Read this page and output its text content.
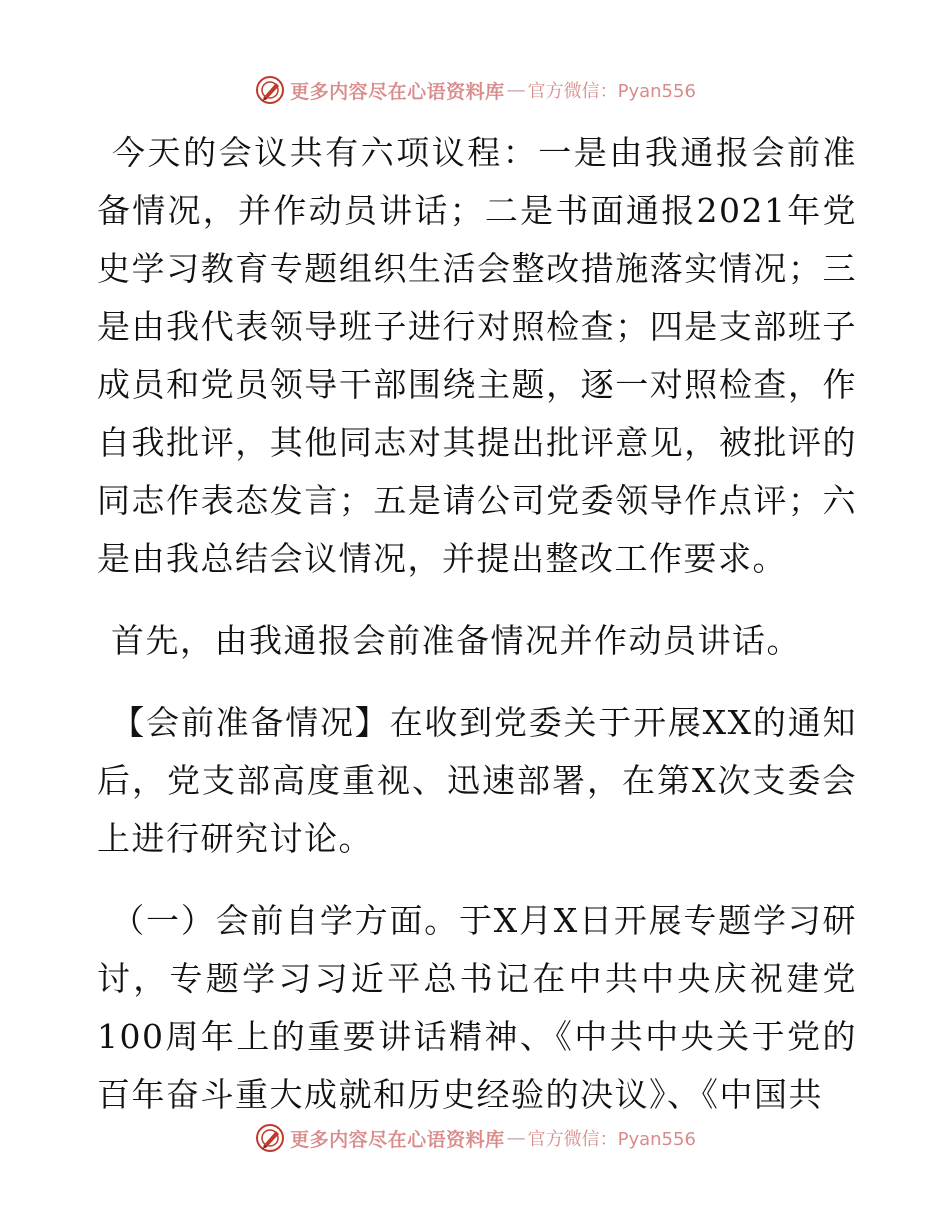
更多内容尽在心语资料库 — 官方微信：Pyan556

今天的会议共有六项议程：一是由我通报会前准备情况，并作动员讲话；二是书面通报2021年党史学习教育专题组织生活会整改措施落实情况；三是由我代表领导班子进行对照检查；四是支部班子成员和党员领导干部围绕主题，逐一对照检查，作自我批评，其他同志对其提出批评意见，被批评的同志作表态发言；五是请公司党委领导作点评；六是由我总结会议情况，并提出整改工作要求。

首先，由我通报会前准备情况并作动员讲话。

【会前准备情况】在收到党委关于开展XX的通知后，党支部高度重视、迅速部署，在第X次支委会上进行研究讨论。

（一）会前自学方面。于X月X日开展专题学习研讨，专题学习习近平总书记在中共中央庆祝建党100周年上的重要讲话精神、《中共中央关于党的百年奋斗重大成就和历史经验的决议》、《中国共

更多内容尽在心语资料库 — 官方微信：Pyan556
